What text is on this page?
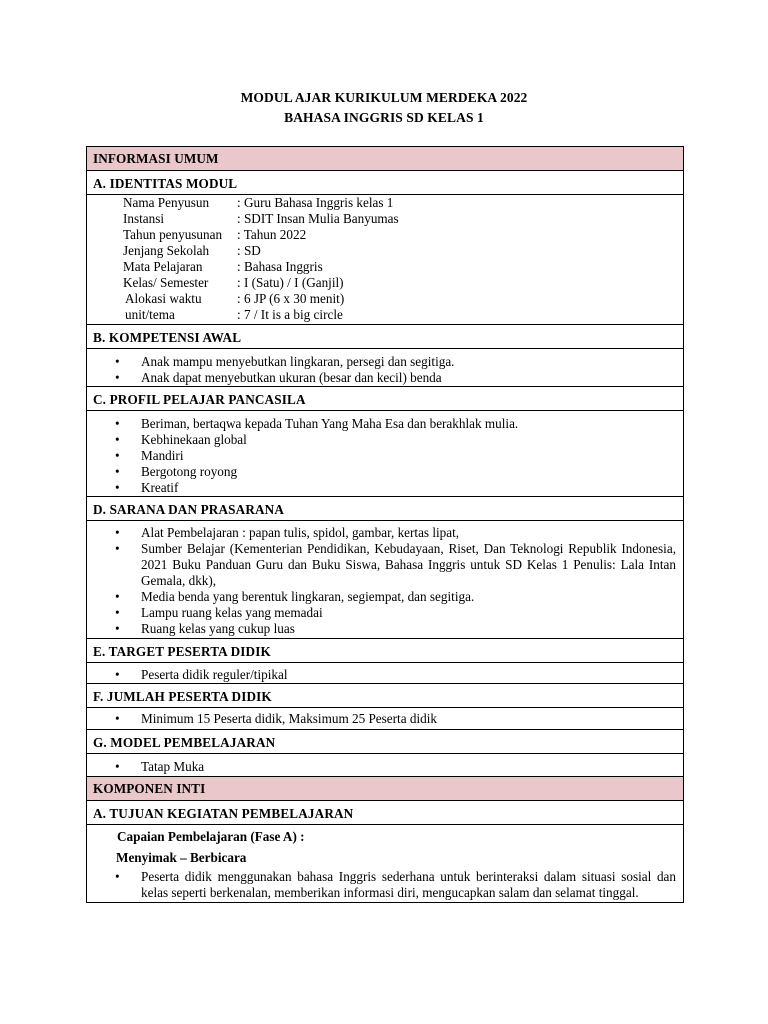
MODUL AJAR KURIKULUM MERDEKA 2022
BAHASA INGGRIS SD KELAS 1
INFORMASI UMUM
A. IDENTITAS MODUL
Nama Penyusun	: Guru Bahasa Inggris kelas 1
Instansi	: SDIT Insan Mulia Banyumas
Tahun penyusunan	: Tahun 2022
Jenjang Sekolah	: SD
Mata Pelajaran	: Bahasa Inggris
Kelas/ Semester	: I (Satu) / I (Ganjil)
Alokasi waktu	: 6 JP (6 x 30 menit)
unit/tema	: 7 / It is a big circle
B. KOMPETENSI AWAL
• Anak mampu menyebutkan lingkaran, persegi dan segitiga.
• Anak dapat menyebutkan ukuran (besar dan kecil) benda
C. PROFIL PELAJAR PANCASILA
• Beriman, bertaqwa kepada Tuhan Yang Maha Esa dan berakhlak mulia.
• Kebhinekaan global
• Mandiri
• Bergotong royong
• Kreatif
D. SARANA DAN PRASARANA
• Alat Pembelajaran : papan tulis, spidol, gambar, kertas lipat,
• Sumber Belajar (Kementerian Pendidikan, Kebudayaan, Riset, Dan Teknologi Republik Indonesia, 2021 Buku Panduan Guru dan Buku Siswa, Bahasa Inggris untuk SD Kelas 1 Penulis: Lala Intan Gemala, dkk),
• Media benda yang berentuk lingkaran, segiempat, dan segitiga.
• Lampu ruang kelas yang memadai
• Ruang kelas yang cukup luas
E. TARGET PESERTA DIDIK
• Peserta didik reguler/tipikal
F. JUMLAH PESERTA DIDIK
• Minimum 15 Peserta didik, Maksimum 25 Peserta didik
G. MODEL PEMBELAJARAN
• Tatap Muka
KOMPONEN INTI
A. TUJUAN KEGIATAN PEMBELAJARAN
Capaian Pembelajaran (Fase A) :
Menyimak – Berbicara
• Peserta didik menggunakan bahasa Inggris sederhana untuk berinteraksi dalam situasi sosial dan kelas seperti berkenalan, memberikan informasi diri, mengucapkan salam dan selamat tinggal.
